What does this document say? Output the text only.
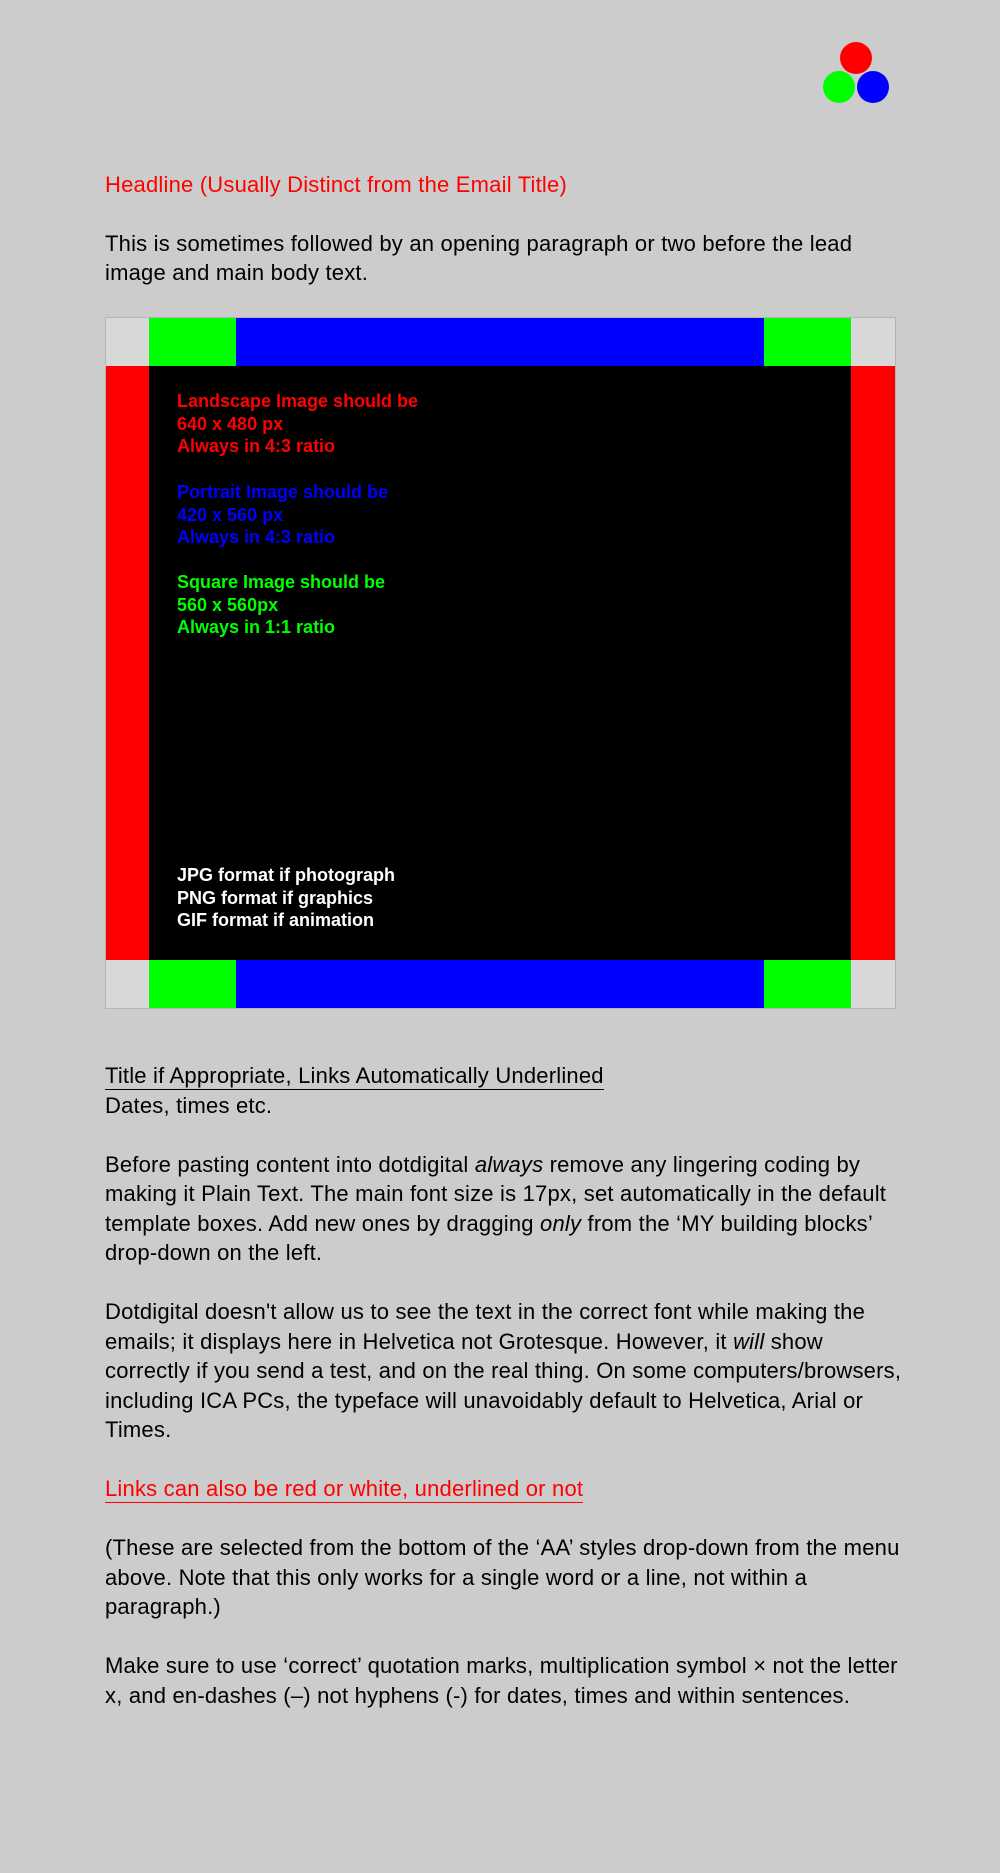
Headline (Usually Distinct from the Email Title)

This is sometimes followed by an opening paragraph or two before the lead image and main body text.

Landscape Image should be
640 x 480 px
Always in 4:3 ratio
Portrait Image should be
420 x 560 px
Always in 4:3 ratio
Square Image should be
560 x 560px
Always in 1:1 ratio
JPG format if photograph
PNG format if graphics
GIF format if animation

Title if Appropriate, Links Automatically Underlined

Dates, times etc.

Before pasting content into dotdigital always remove any lingering coding by making it Plain Text. The main font size is 17px, set automatically in the default template boxes. Add new ones by dragging only from the ‘MY building blocks’ drop-down on the left.

Dotdigital doesn't allow us to see the text in the correct font while making the emails; it displays here in Helvetica not Grotesque. However, it will show correctly if you send a test, and on the real thing. On some computers/browsers, including ICA PCs, the typeface will unavoidably default to Helvetica, Arial or Times.

Links can also be red or white, underlined or not

(These are selected from the bottom of the ‘AA’ styles drop-down from the menu above. Note that this only works for a single word or a line, not within a paragraph.)

Make sure to use ‘correct’ quotation marks, multiplication symbol × not the letter x, and en-dashes (–) not hyphens (-) for dates, times and within sentences.
